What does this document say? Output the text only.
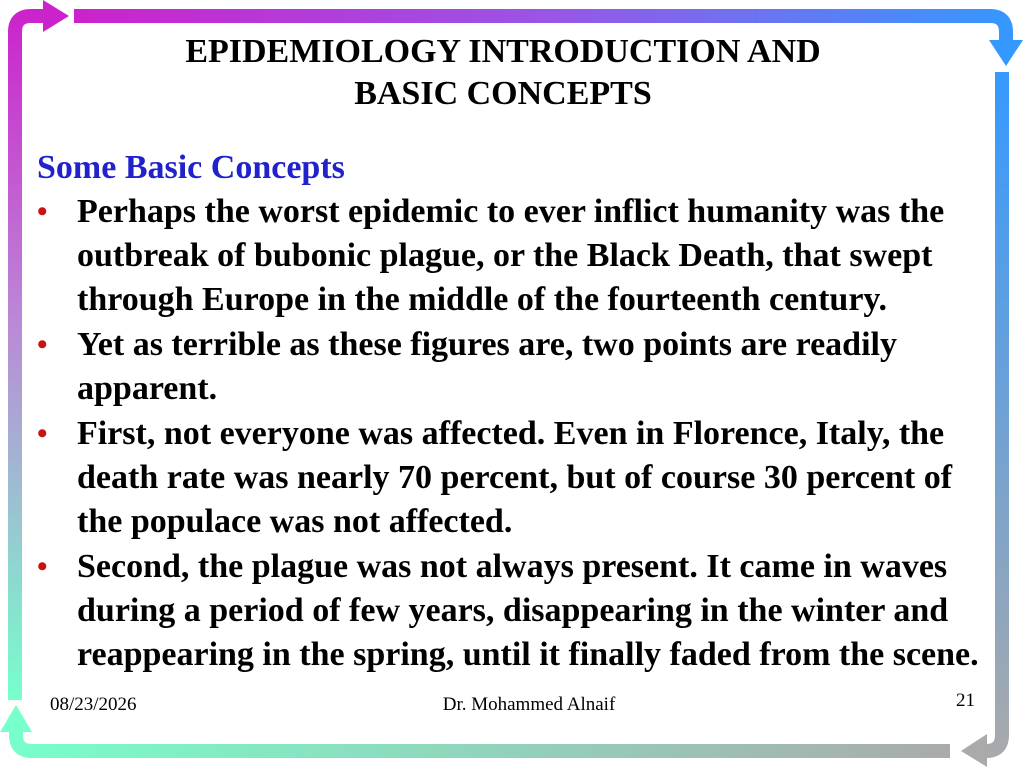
EPIDEMIOLOGY INTRODUCTION AND
BASIC CONCEPTS
Some Basic Concepts
• Perhaps the worst epidemic to ever inflict humanity was the outbreak of bubonic plague, or the Black Death, that swept through Europe in the middle of the fourteenth century.
• Yet as terrible as these figures are, two points are readily apparent.
• First, not everyone was affected. Even in Florence, Italy, the death rate was nearly 70 percent, but of course 30 percent of the populace was not affected.
• Second, the plague was not always present. It came in waves during a period of few years, disappearing in the winter and reappearing in the spring, until it finally faded from the scene.
08/23/2026	Dr. Mohammed Alnaif	21
